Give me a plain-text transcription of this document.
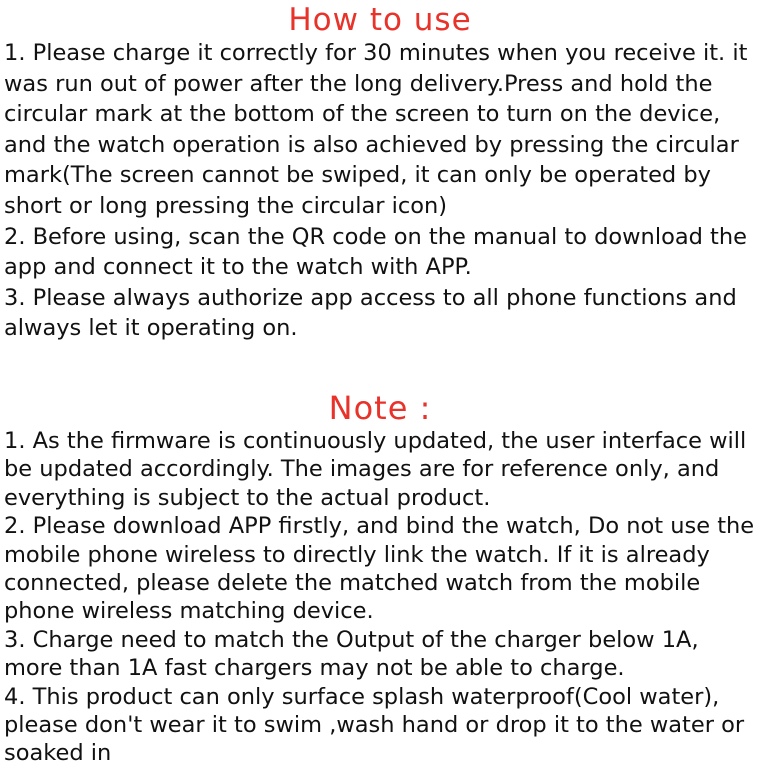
How to use

1. Please charge it correctly for 30 minutes when you receive it. it was run out of power after the long delivery.Press and hold the circular mark at the bottom of the screen to turn on the device, and the watch operation is also achieved by pressing the circular mark(The screen cannot be swiped, it can only be operated by short or long pressing the circular icon)

2. Before using, scan the QR code on the manual to download the app and connect it to the watch with APP.

3. Please always authorize app access to all phone functions and always let it operating on.

Note :

1. As the firmware is continuously updated, the user interface will be updated accordingly. The images are for reference only, and everything is subject to the actual product.

2. Please download APP firstly, and bind the watch, Do not use the mobile phone wireless to directly link the watch. If it is already connected, please delete the matched watch from the mobile phone wireless matching device.

3. Charge need to match the Output of the charger below 1A, more than 1A fast chargers may not be able to charge.

4. This product can only surface splash waterproof(Cool water), please don't wear it to swim ,wash hand or drop it to the water or soaked in
